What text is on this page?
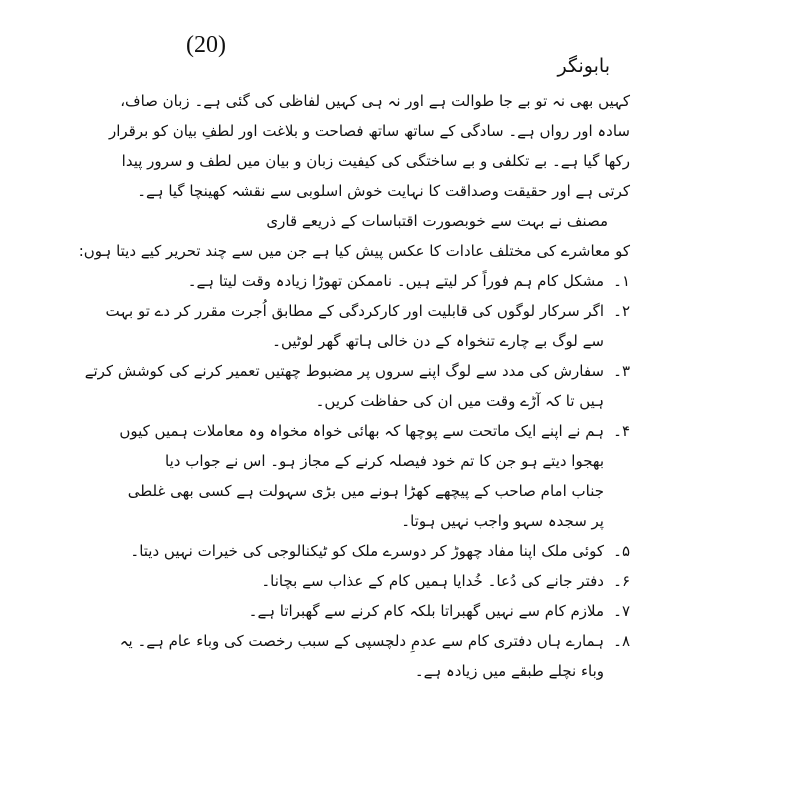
(20)
بابونگر
کہیں بھی نہ تو بے جا طوالت ہے اور نہ ہی کہیں لفاظی کی گئی ہے۔ زبان صاف،
سادہ اور رواں ہے۔ سادگی کے ساتھ ساتھ فصاحت و بلاغت اور لطفِ بیان کو برقرار
رکھا گیا ہے۔ بے تکلفی و بے ساختگی کی کیفیت زبان و بیان میں لطف و سرور پیدا
کرتی ہے اور حقیقت وصداقت کا نہایت خوش اسلوبی سے نقشہ کھینچا گیا ہے۔
مصنف نے بہت سے خوبصورت اقتباسات کے ذریعے قاری
کو معاشرے کی مختلف عادات کا عکس پیش کیا ہے جن میں سے چند تحریر کیے دیتا ہوں:
۱۔
مشکل کام ہم فوراً کر لیتے ہیں۔ ناممکن تھوڑا زیادہ وقت لیتا ہے۔
۲۔
اگر سرکار لوگوں کی قابلیت اور کارکردگی کے مطابق اُجرت مقرر کر دے تو بہت
سے لوگ بے چارے تنخواہ کے دن خالی ہاتھ گھر لوٹیں۔
۳۔
سفارش کی مدد سے لوگ اپنے سروں پر مضبوط چھتیں تعمیر کرنے کی کوشش کرتے
ہیں تا کہ آڑے وقت میں ان کی حفاظت کریں۔
۴۔
ہم نے اپنے ایک ماتحت سے پوچھا کہ بھائی خواہ مخواہ وہ معاملات ہمیں کیوں
بھجوا دیتے ہو جن کا تم خود فیصلہ کرنے کے مجاز ہو۔ اس نے جواب دیا
جناب امام صاحب کے پیچھے کھڑا ہونے میں بڑی سہولت ہے کسی بھی غلطی
پر سجدہ سہو واجب نہیں ہوتا۔
۵۔
کوئی ملک اپنا مفاد چھوڑ کر دوسرے ملک کو ٹیکنالوجی کی خیرات نہیں دیتا۔
۶۔
دفتر جانے کی دُعا۔ خُدایا ہمیں کام کے عذاب سے بچانا۔
۷۔
ملازم کام سے نہیں گھبراتا بلکہ کام کرنے سے گھبراتا ہے۔
۸۔
ہمارے ہاں دفتری کام سے عدمِ دلچسپی کے سبب رخصت کی وباء عام ہے۔ یہ
وباء نچلے طبقے میں زیادہ ہے۔
